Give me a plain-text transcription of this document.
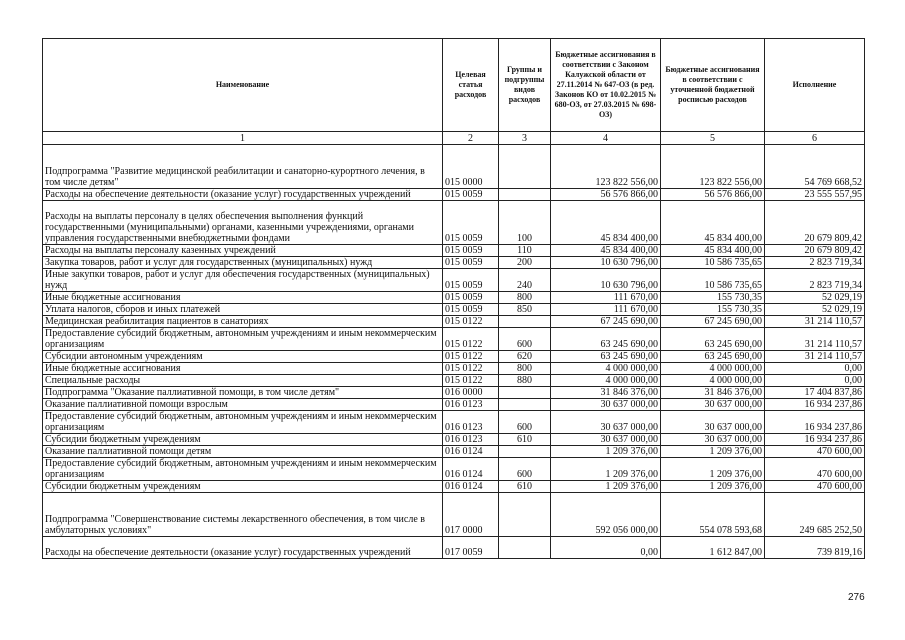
Наименование	Целевая статья расходов	Группы и подгруппы видов расходов	Бюджетные ассигнования в соответствии с Законом Калужской области от 27.11.2014 № 647-ОЗ (в ред. Законов КО от 10.02.2015 № 680-ОЗ, от 27.03.2015 № 698-ОЗ)	Бюджетные ассигнования в соответствии с уточненной бюджетной росписью расходов	Исполнение
1	2	3	4	5	6
Подпрограмма "Развитие медицинской реабилитации и санаторно-курортного лечения, в том числе детям"	015 0000		123 822 556,00	123 822 556,00	54 769 668,52
Расходы на обеспечение деятельности (оказание услуг) государственных учреждений	015 0059		56 576 866,00	56 576 866,00	23 555 557,95
Расходы на выплаты персоналу в целях обеспечения выполнения функций государственными (муниципальными) органами, казенными учреждениями, органами управления государственными внебюджетными фондами	015 0059	100	45 834 400,00	45 834 400,00	20 679 809,42
Расходы на выплаты персоналу казенных учреждений	015 0059	110	45 834 400,00	45 834 400,00	20 679 809,42
Закупка товаров, работ и услуг для государственных (муниципальных) нужд	015 0059	200	10 630 796,00	10 586 735,65	2 823 719,34
Иные закупки товаров, работ и услуг для обеспечения государственных (муниципальных) нужд	015 0059	240	10 630 796,00	10 586 735,65	2 823 719,34
Иные бюджетные ассигнования	015 0059	800	111 670,00	155 730,35	52 029,19
Уплата налогов, сборов и иных платежей	015 0059	850	111 670,00	155 730,35	52 029,19
Медицинская реабилитация пациентов в санаториях	015 0122		67 245 690,00	67 245 690,00	31 214 110,57
Предоставление субсидий бюджетным, автономным учреждениям и иным некоммерческим организациям	015 0122	600	63 245 690,00	63 245 690,00	31 214 110,57
Субсидии автономным учреждениям	015 0122	620	63 245 690,00	63 245 690,00	31 214 110,57
Иные бюджетные ассигнования	015 0122	800	4 000 000,00	4 000 000,00	0,00
Специальные расходы	015 0122	880	4 000 000,00	4 000 000,00	0,00
Подпрограмма "Оказание паллиативной помощи, в том числе детям"	016 0000		31 846 376,00	31 846 376,00	17 404 837,86
Оказание паллиативной помощи взрослым	016 0123		30 637 000,00	30 637 000,00	16 934 237,86
Предоставление субсидий бюджетным, автономным учреждениям и иным некоммерческим организациям	016 0123	600	30 637 000,00	30 637 000,00	16 934 237,86
Субсидии бюджетным учреждениям	016 0123	610	30 637 000,00	30 637 000,00	16 934 237,86
Оказание паллиативной помощи детям	016 0124		1 209 376,00	1 209 376,00	470 600,00
Предоставление субсидий бюджетным, автономным учреждениям и иным некоммерческим организациям	016 0124	600	1 209 376,00	1 209 376,00	470 600,00
Субсидии бюджетным учреждениям	016 0124	610	1 209 376,00	1 209 376,00	470 600,00
Подпрограмма "Совершенствование системы лекарственного обеспечения, в том числе в амбулаторных условиях"	017 0000		592 056 000,00	554 078 593,68	249 685 252,50
Расходы на обеспечение деятельности (оказание услуг) государственных учреждений	017 0059		0,00	1 612 847,00	739 819,16
276
